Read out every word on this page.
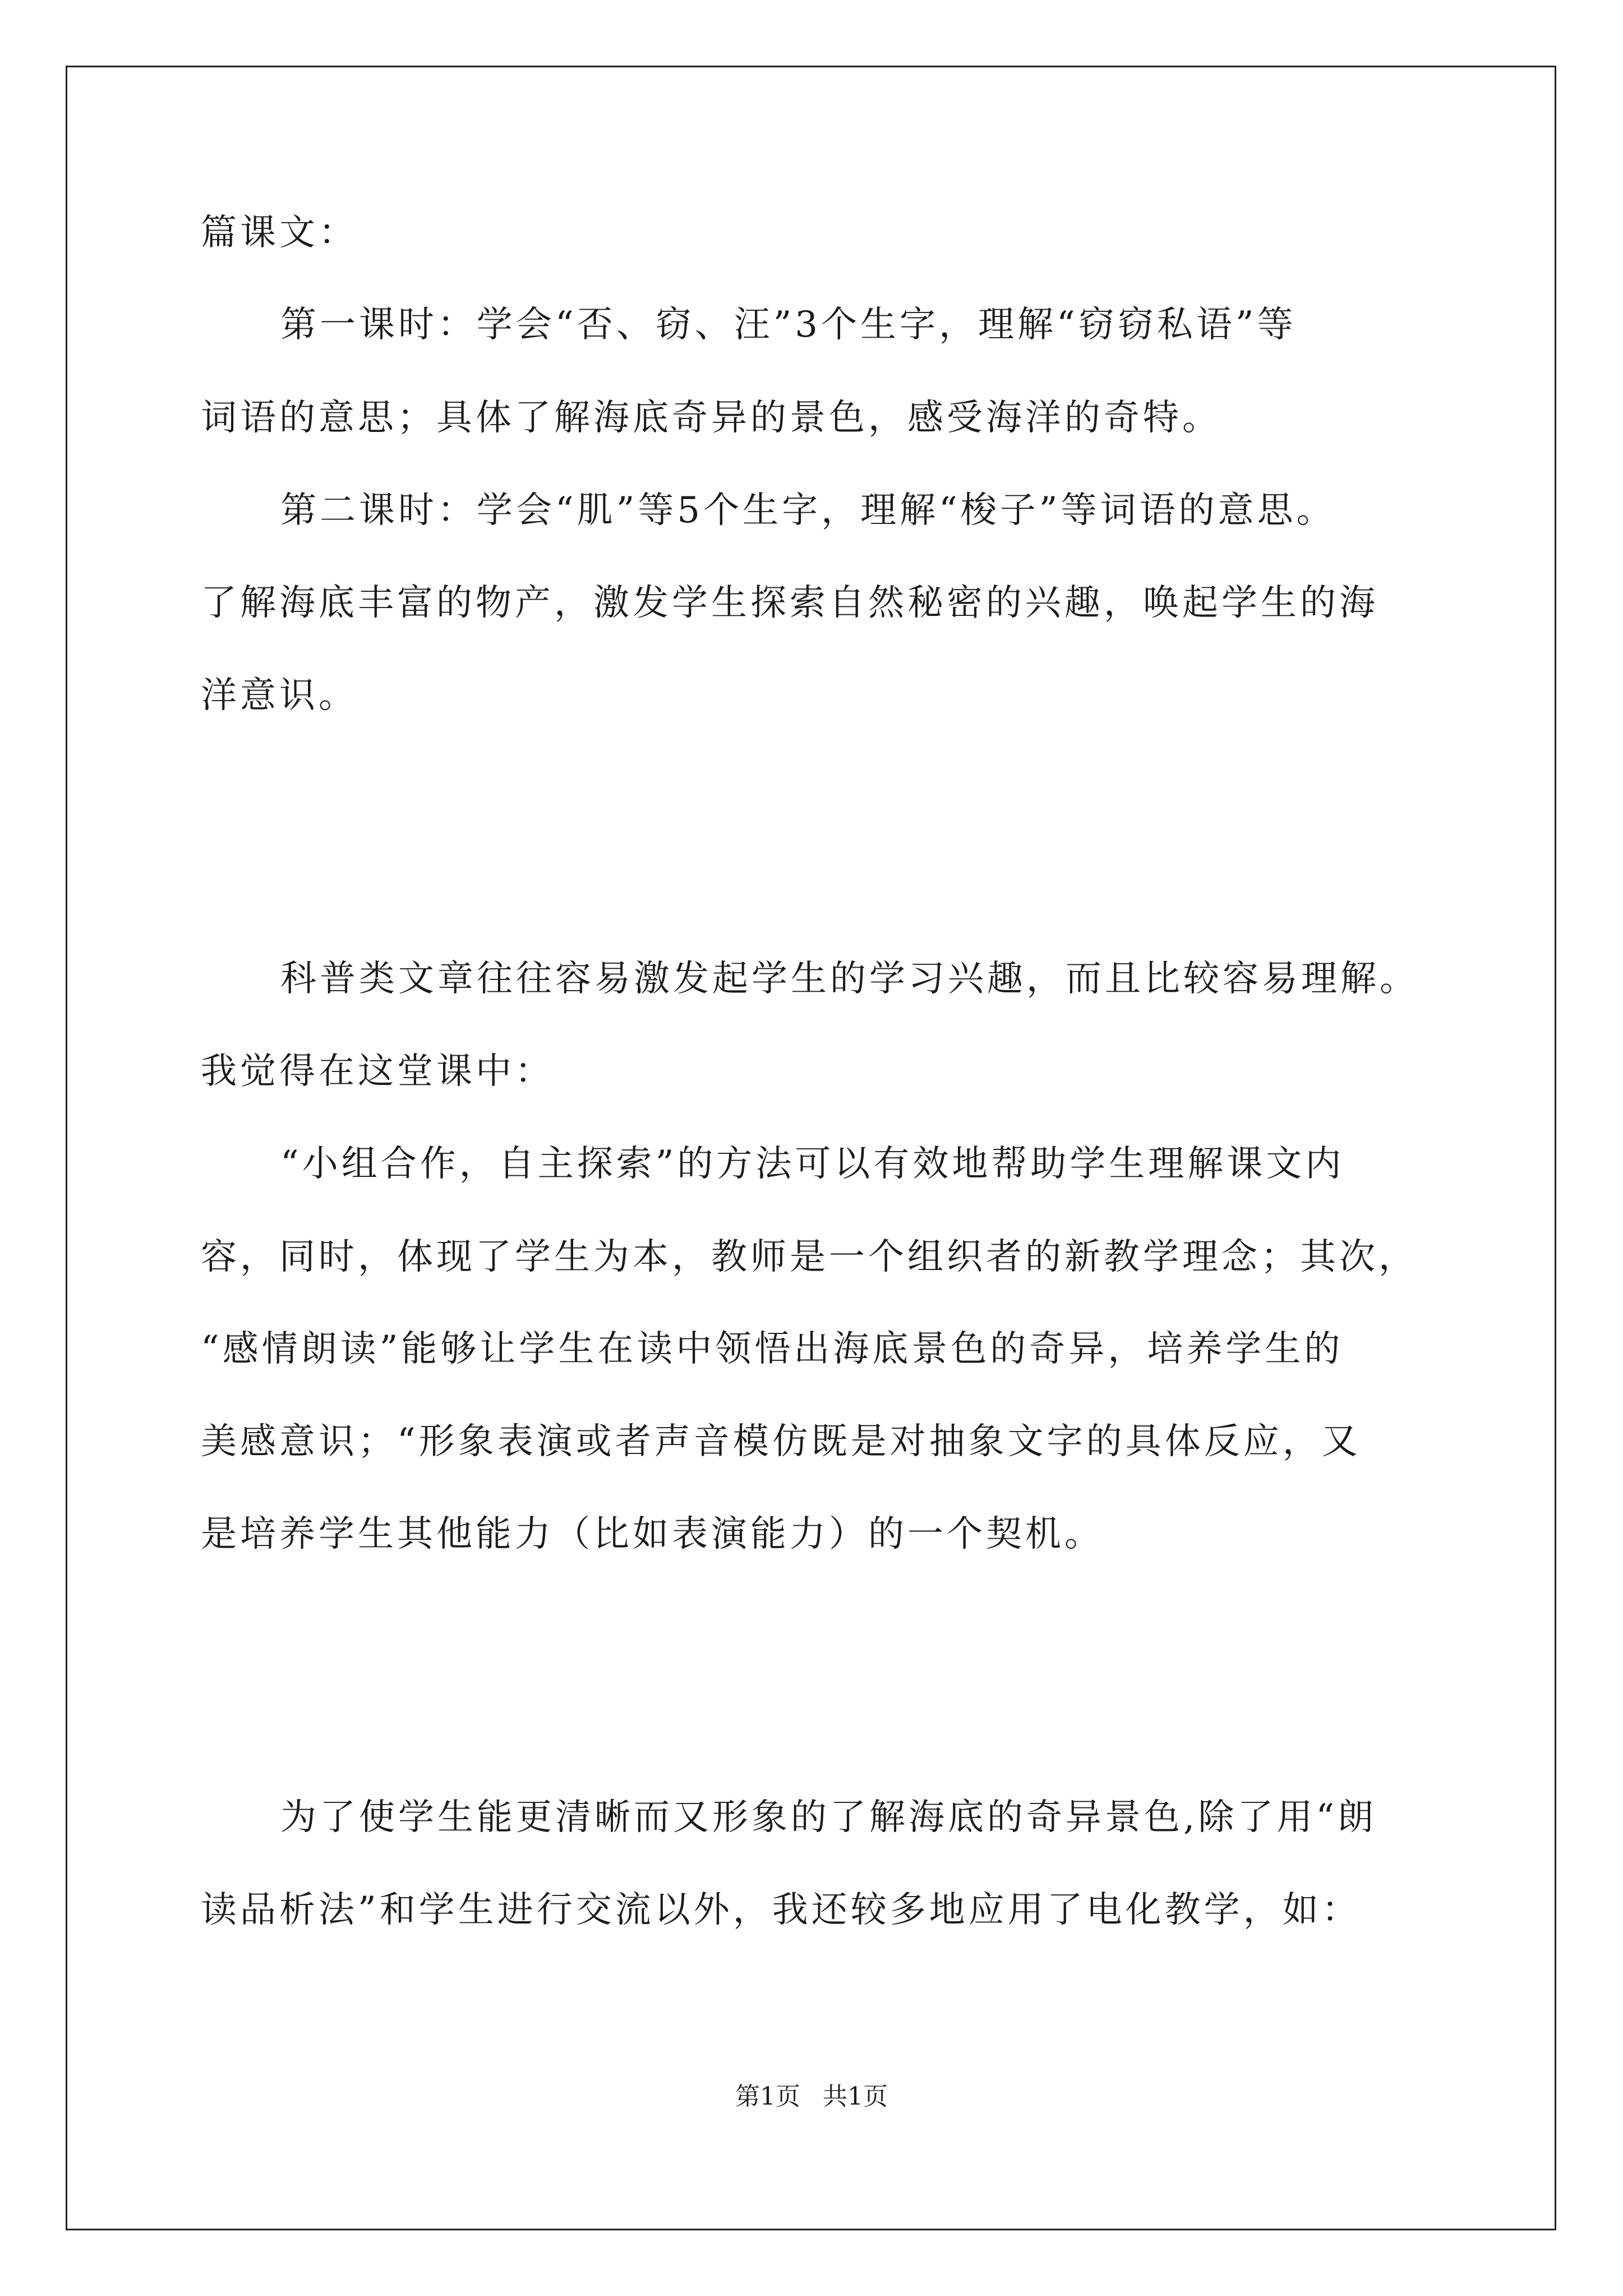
篇课文：
第一课时：学会“否、窃、汪”3个生字，理解“窃窃私语”等
词语的意思；具体了解海底奇异的景色，感受海洋的奇特。
第二课时：学会“肌”等5个生字，理解“梭子”等词语的意思。
了解海底丰富的物产，激发学生探索自然秘密的兴趣，唤起学生的海
洋意识。
科普类文章往往容易激发起学生的学习兴趣，而且比较容易理解。
我觉得在这堂课中：
“小组合作，自主探索”的方法可以有效地帮助学生理解课文内
容，同时，体现了学生为本，教师是一个组织者的新教学理念；其次，
“感情朗读”能够让学生在读中领悟出海底景色的奇异，培养学生的
美感意识；“形象表演或者声音模仿既是对抽象文字的具体反应，又
是培养学生其他能力（比如表演能力）的一个契机。
为了使学生能更清晰而又形象的了解海底的奇异景色,除了用“朗
读品析法”和学生进行交流以外，我还较多地应用了电化教学，如：
第1页 共1页
